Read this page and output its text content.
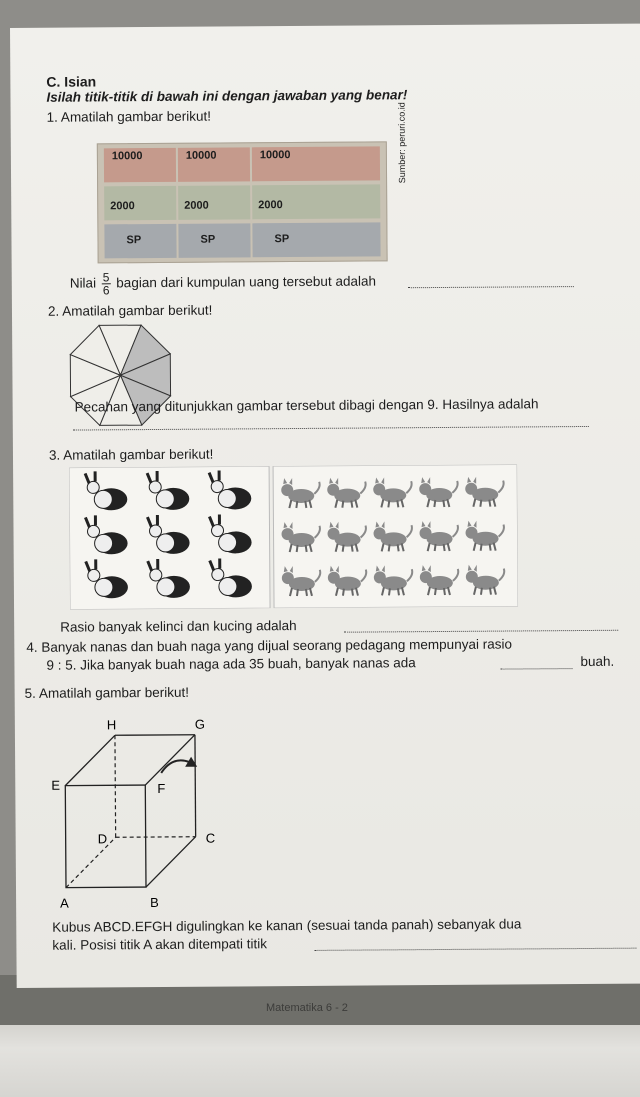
C. Isian
Isilah titik-titik di bawah ini dengan jawaban yang benar!
1. Amatilah gambar berikut!
10000	10000	10000
2000	2000	2000
SP	SP	SP
Sumber: peruri.co.id
Nilai $\frac{5}{6}$ bagian dari kumpulan uang tersebut adalah
2. Amatilah gambar berikut!
Pecahan yang ditunjukkan gambar tersebut dibagi dengan 9. Hasilnya adalah
3. Amatilah gambar berikut!
Rasio banyak kelinci dan kucing adalah
4. Banyak nanas dan buah naga yang dijual seorang pedagang mempunyai rasio
9 : 5. Jika banyak buah naga ada 35 buah, banyak nanas ada	buah.
5. Amatilah gambar berikut!
H	G
E	F
D	C
A	B
Kubus ABCD.EFGH digulingkan ke kanan (sesuai tanda panah) sebanyak dua
kali. Posisi titik A akan ditempati titik
Matematika 6 - 2
